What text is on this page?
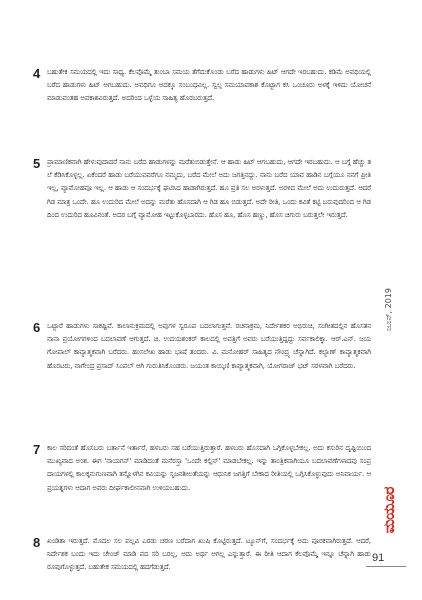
4 ಬಹುತೇಕ ಸಮಯದಲ್ಲಿ ಇದು ಸಾಧ್ಯ. ಕೆಲವೊಮ್ಮೆ ತುಂಬಾ ಸಮಯ ತೆಗೆದುಕೊಂಡು ಬರೆದ ಹಾಡುಗಳು ಹಿಟ್ ಆಗದೇ ಇರಬಹುದು. ಕಡಿಮೆ ಅವಧಿಯಲ್ಲಿ ಬರೆದ ಹಾಡುಗಳು ಹಿಟ್ ಆಗಬಹುದು. ಅವಧಿಗೂ ಅದಕ್ಕೂ ಸಂಬಂಧವಿಲ್ಲ. ಸ್ವಲ್ಪ ಸಮಯಾವಕಾಶ ಕೊಟ್ಟಾಗ ಕಸಿ ಒಂಚೂರು ಅಳಕ್ಕೆ ಇಳಿದು ಯೋಚನೆ ಮಾಡುವಂತಹ ಅವಕಾಶವಿರುತ್ತದೆ. ಅದರಿಂದ ಒಳ್ಳೆಯ ಸಾಹಿತ್ಯ ಹೊರಬರುತ್ತದೆ.
5 ಪ್ರಾಮಾಣಿಕವಾಗಿ ಹೇಳುವುದಾದರೆ ನಾನು ಬರೆದ ಹಾಡುಗಳನ್ನು ಮರೆತುಬಿಡುತ್ತೇನೆ. ಆ ಹಾಡು ಹಿಟ್ ಆಗಬಹುದು, ಆಗದೇ ಇರಬಹುದು. ಆ ಬಗ್ಗೆ ಹೆಚ್ಚು ತಲೆ ಕೆಡಿಸಿಕೊಳ್ಳಲ್ಲ. ಏಕೆಂದರೆ ಹಾಡು ಬರೆಯುವವರೆಗೂ ನಮ್ಮದು, ಬರೆದ ಮೇಲೆ ಅದು ಜಗತ್ತಿನದ್ದು. ನಾನು ಬರೆದ ಯಾವ ಹಾಡಿನ ಬಗ್ಗೆಯೂ ನನಗೆ ಪ್ರೀತಿ ಇಲ್ಲ, ವ್ಯಾಮೋಹವೂ ಇಲ್ಲ. ಆ ಹಾಡು ಆ ಸಂದರ್ಭಕ್ಕೆ ಘಟಿಸಿದ ಹಾಡಾಗಿರುತ್ತದೆ. ಹೂ ಪ್ರತಿ ಸಲ ಅರಳುತ್ತದೆ. ಅರಳಿದ ಮೇಲೆ ಅದು ಉದುರುತ್ತದೆ. ಆದರೆ ಗಿಡ ಮಾತ್ರ ಒಂದೇ. ಹೂ ಉದುರಿದ ಮೇಲೆ ಅದನ್ನು ಮರೆತು ಹೊಸದಾಗಿ ಆ ಗಿಡ ಹೂ ಬಿಡುತ್ತದೆ. ಅದೇ ರೀತಿ, ಒಂದು ಕವಿತೆ ಕಟ್ಟಿ ಬರುವುದರಿಂದ ಆ ಗಿಡದಿಂದ ಉದುರಿದ ಹೂವಿನಂತೆ. ಅದರ ಬಗ್ಗೆ ವ್ಯಾಮೋಹ ಇಟ್ಟುಕೊಳ್ಳಬಾರದು. ಹೊಸ ಹೂ, ಹೊಸ ಹಣ್ಣು, ಹೊಸ ಚಿಗುರು ಬರುತ್ತಲೇ ಇರುತ್ತದೆ.
6 ಒಟ್ಟಾರೆ ಹಾಡುಗಳು ಸಾಕಷ್ಟಿವೆ. ಕಾಲಾನುಕ್ರಮದಲ್ಲಿ ಅವುಗಳ ಸ್ವರೂಪ ಬದಲಾಗುತ್ತವೆ. ರಚನಾಕ್ರಮ, ನಿರ್ದೇಶಕರ ಅಭಿರುಚಿ, ಸಂಗೀತದಲ್ಲಿನ ಹೊಸತನ ನಾನಾ ಪ್ರಯೋಗಗಳಿಂದ ಬದಲಾವಣೆ ಆಗುತ್ತದೆ. ಚಿ. ಉದಯಶಂಕರ್ ಕಾಲದಲ್ಲಿ ಅವತ್ತಿಗೆ ಅವರು ಬರೆಯುತ್ತಿದ್ದದ್ದು ಸರ್ವಕಾಲಿಕ್ಕಾ. ಆರ್.ಎನ್. ಜಯಗೋಪಾಲ್ ಕಾವ್ಯಾತ್ಮಕವಾಗಿ ಬರೆದರು. ಹಂಸಲೇಖ ಹಾಡು ಭಾಷೆ ತಂದರು. ವಿ. ಮನೋಹರ್ ಸಾಹಿತ್ಯದ ನೌಂದ್ರ್ಯ ಚೆನ್ನಾಗಿದೆ. ಕಲ್ಯಾಣ್ ಕಾವ್ಯಾತ್ಮಕವಾಗಿ ಹೊರಟರು, ನಾಗೇಂದ್ರ ಪ್ರಸಾದ್ ಸಿಂಪಲ್ ಆಗಿ ಗುರುತಿಸಿಕೊಂಡರು. ಜಯಂತ ಕಾಯ್ಕಿಣಿ ಕಾವ್ಯಾತ್ಮಕವಾಗಿ, ಯೋಗರಾಜ್ ಭಟ್ ಸರಳವಾಗಿ ಬರೆದರು.
7 ಕಾಲ ಸರಿದಂತೆ ಹೊಸಬರು ಬರ್ತಾನೆ ಇರ್ತಾರೆ, ಹಳಬರು ಸಹ ಬರೆಯುತ್ತಿರುತ್ತಾರೆ. ಹಳಬರು ಹೊಸದಾಗಿ ಒಗ್ಗಿಕೊಳ್ಳಬೇಕಲ್ಲ. ಅದು ಕಸುರಿನ ದೃಷ್ಟಿಯಿಂದ ಮುಖ್ಯವಾದ ಅಂಶ. ಈಗ 'ನಾಯಗನ್' ಮಾಡಿದಂತೆ ಮನೆರಸ್ತಾ 'ಒಂದೇ ಕಲ್ಲಿನ್' ಮಾಡಬೇಕಲ್ಲ. ಇನ್ನು ತಾಂತ್ರಿಕವಾಗಿಯೂ ಬದಲಾವಣೆಗಳಾದವು ಸಂಪ್ರದಾಯಗಳಲ್ಲಿ ಕಾಲಕ್ಕನುಗುಣವಾಗಿ ತನ್ನೊಳಗಿನ ಕವಿಯನ್ನು ಸೃಜನಶೀಲತೆಯನ್ನು ಆಧುನಿಕ ಜಗತ್ತಿಗೆ ಬೇಕಾದ ರೀತಿಯಲ್ಲಿ ಒಗ್ಗಿಸಿಕೊಳ್ಳುವುದು ಅನಿವಾರ್ಯ. ಆ ಪ್ರಯತ್ನಗಳು ಆದಾಗ ಅವರು ದೀರ್ಘಕಾಲೀನವಾಗಿ ಉಳಿಯಬಹುದು.
8 ಖಂಡಿತಾ ಇರುತ್ತದೆ. ಮೊದಲ ಸಲ ಪಲ್ಲವಿ ಎರಡು ಚರಣ ಬರೆದಾಗ ಖುಷಿ ಕೊಟ್ಟಿರುತ್ತದೆ. ಟ್ಯೂನ್‌ಗೆ, ಸಂದರ್ಭಕ್ಕೆ ಅದು ಪೂರಕವಾಗಿರುತ್ತದೆ. ಆದರೆ, ನಿರ್ದೇಶಕ ಬಂದು ಇದು ಚೇಂಜ್ ಮಾಡಿ ಪದ ಸರಿ ಬರಲ್ಲ, ಅದು ಅರ್ಥ ಆಗಲ್ಲ ಎನ್ನುತ್ತಾರೆ. ಈ ರೀತಿ ಆದಾಗ ಕೆಲವೊಮ್ಮೆ ಇನ್ನೂ ಚೆನ್ನಾಗಿ ಹಾಡು ರೂಪುಗೊಳ್ಳುತ್ತದೆ. ಬಹುತೇಕ ಸಮಯದಲ್ಲಿ ಹದಗೆಡುತ್ತದೆ.
ಜೂನ್, 2019
ಮಯೂರ
91
